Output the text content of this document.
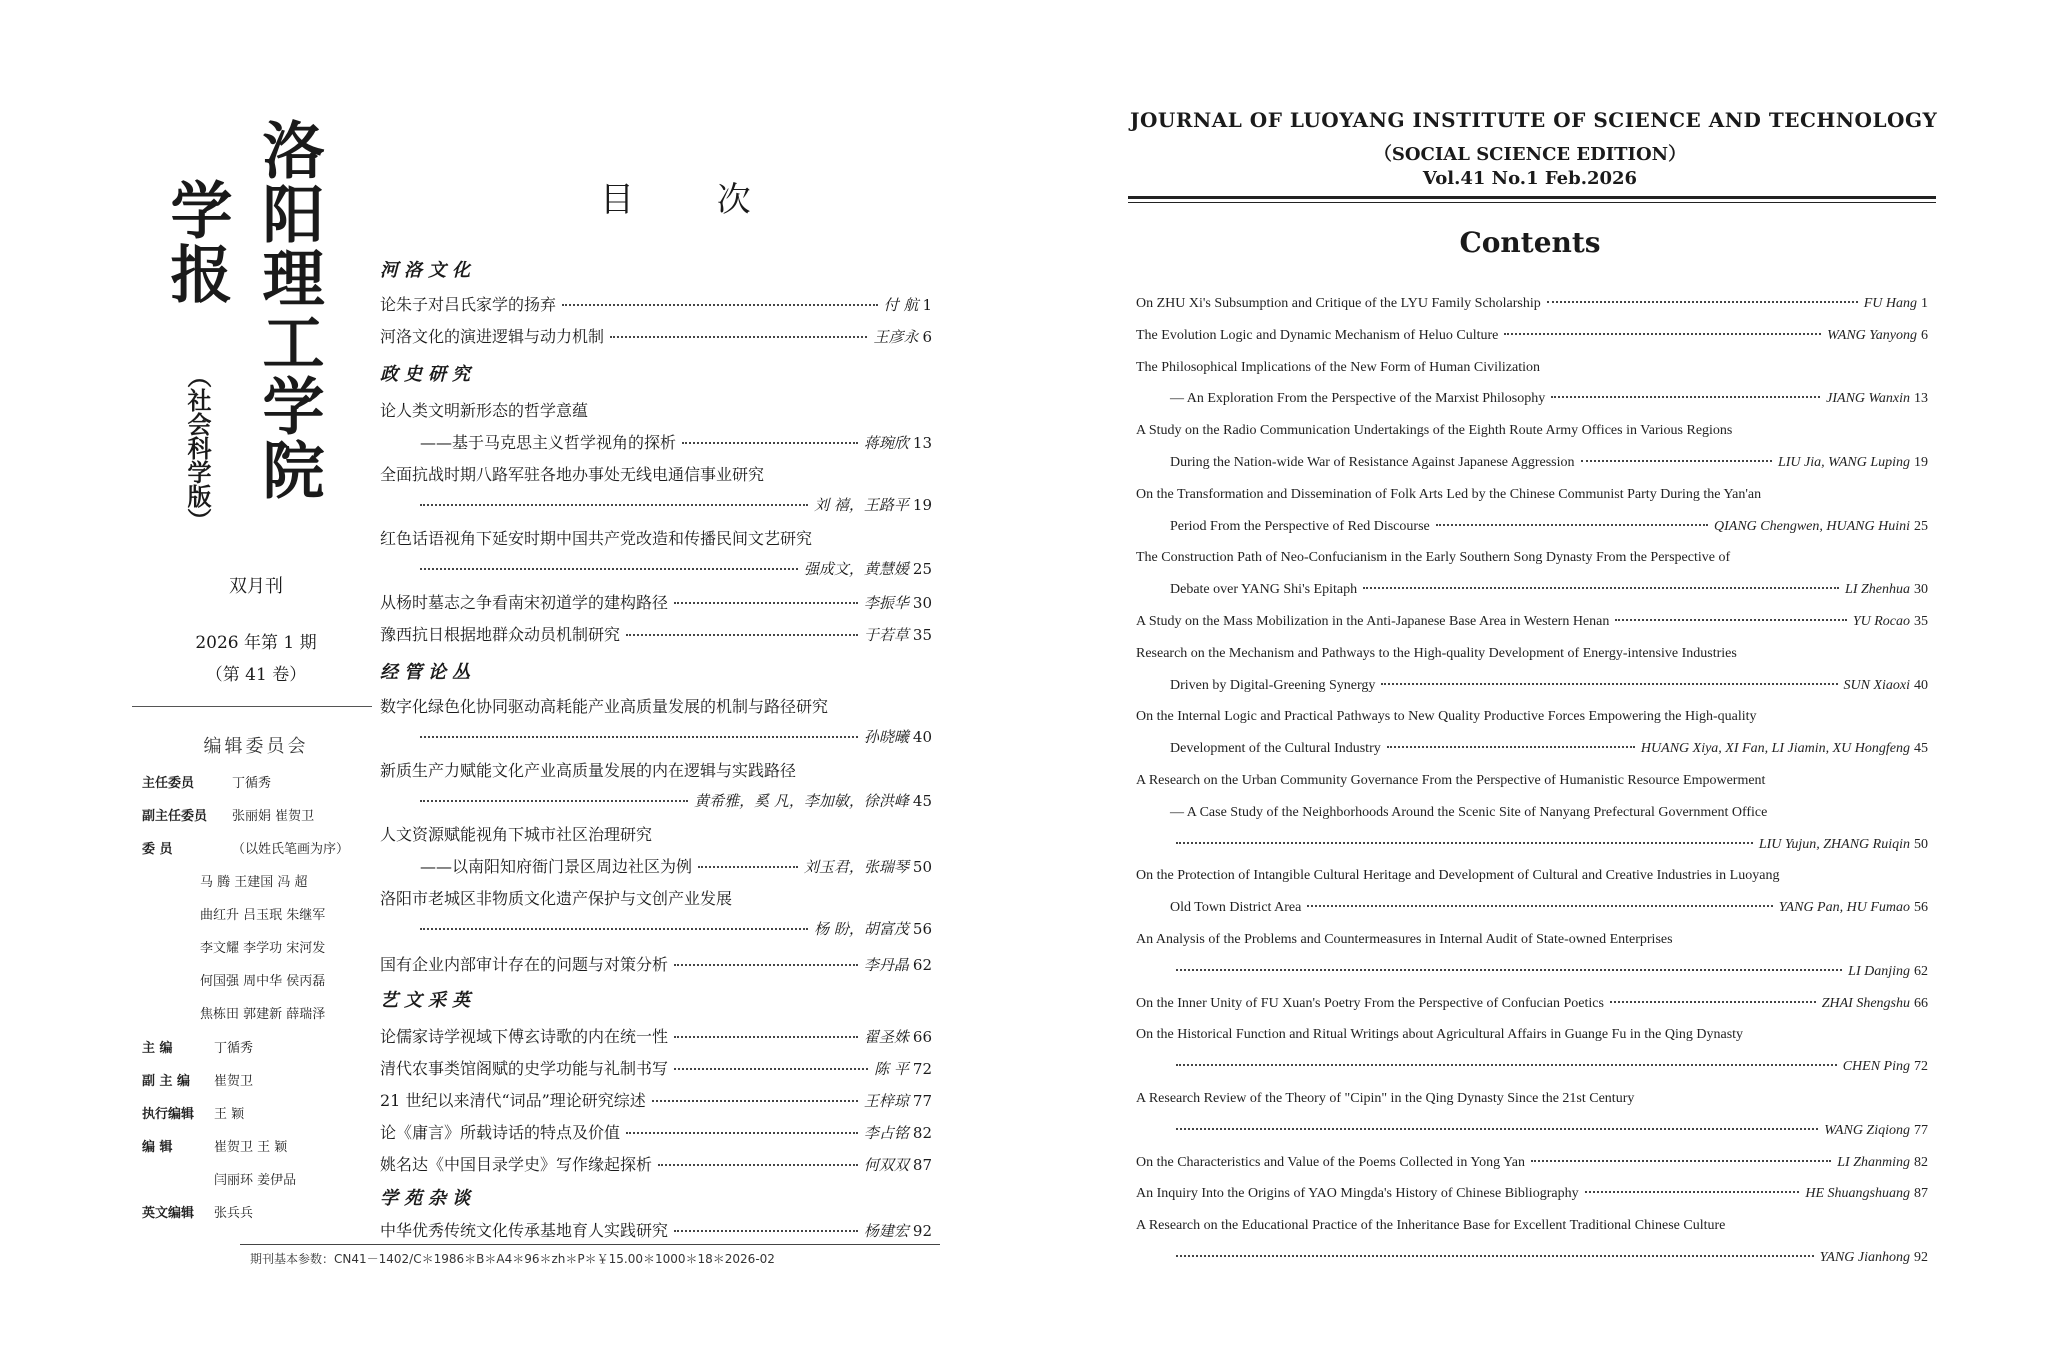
洛阳理工学院
学报
（社会科学版）
双月刊
2026 年第 1 期
（第 41 卷）
编辑委员会
主任委员	丁循秀
副主任委员 张丽娟 崔贺卫
委 员	（以姓氏笔画为序）
马 腾 王建国 冯 超
曲红升 吕玉珉 朱继军
李文耀 李学功 宋河发
何国强 周中华 侯丙磊
焦栋田 郭建新 薛瑞泽
主 编	丁循秀
副 主 编 崔贺卫
执行编辑 王 颖
编 辑	崔贺卫 王 颖
闫丽环 姜伊品
英文编辑 张兵兵
目 次
河洛文化
论朱子对吕氏家学的扬弃	付 航 1
河洛文化的演进逻辑与动力机制	王彦永 6
政史研究
论人类文明新形态的哲学意蕴
——基于马克思主义哲学视角的探析	蒋琬欣 13
全面抗战时期八路军驻各地办事处无线电通信事业研究
刘 禧，王路平 19
红色话语视角下延安时期中国共产党改造和传播民间文艺研究
强成文，黄慧媛 25
从杨时墓志之争看南宋初道学的建构路径	李振华 30
豫西抗日根据地群众动员机制研究	于若草 35
经管论丛
数字化绿色化协同驱动高耗能产业高质量发展的机制与路径研究
孙晓曦 40
新质生产力赋能文化产业高质量发展的内在逻辑与实践路径
黄希雅，奚 凡，李加敏，徐洪峰 45
人文资源赋能视角下城市社区治理研究
——以南阳知府衙门景区周边社区为例	刘玉君，张瑞琴 50
洛阳市老城区非物质文化遗产保护与文创产业发展
杨 盼，胡富茂 56
国有企业内部审计存在的问题与对策分析	李丹晶 62
艺文采英
论儒家诗学视域下傅玄诗歌的内在统一性	翟圣姝 66
清代农事类馆阁赋的史学功能与礼制书写	陈 平 72
21 世纪以来清代“词品”理论研究综述	王梓琼 77
论《庸言》所载诗话的特点及价值	李占铭 82
姚名达《中国目录学史》写作缘起探析	何双双 87
学苑杂谈
中华优秀传统文化传承基地育人实践研究	杨建宏 92
期刊基本参数：CN41－1402/C＊1986＊B＊A4＊96＊zh＊P＊￥15.00＊1000＊18＊2026-02
JOURNAL OF LUOYANG INSTITUTE OF SCIENCE AND TECHNOLOGY
（SOCIAL SCIENCE EDITION）
Vol.41 No.1 Feb.2026
Contents
On ZHU Xi's Subsumption and Critique of the LYU Family Scholarship	FU Hang 1
The Evolution Logic and Dynamic Mechanism of Heluo Culture	WANG Yanyong 6
The Philosophical Implications of the New Form of Human Civilization
— An Exploration From the Perspective of the Marxist Philosophy	JIANG Wanxin 13
A Study on the Radio Communication Undertakings of the Eighth Route Army Offices in Various Regions
During the Nation-wide War of Resistance Against Japanese Aggression	LIU Jia, WANG Luping 19
On the Transformation and Dissemination of Folk Arts Led by the Chinese Communist Party During the Yan'an
Period From the Perspective of Red Discourse	QIANG Chengwen, HUANG Huini 25
The Construction Path of Neo-Confucianism in the Early Southern Song Dynasty From the Perspective of
Debate over YANG Shi's Epitaph	LI Zhenhua 30
A Study on the Mass Mobilization in the Anti-Japanese Base Area in Western Henan	YU Rocao 35
Research on the Mechanism and Pathways to the High-quality Development of Energy-intensive Industries
Driven by Digital-Greening Synergy	SUN Xiaoxi 40
On the Internal Logic and Practical Pathways to New Quality Productive Forces Empowering the High-quality
Development of the Cultural Industry	HUANG Xiya, XI Fan, LI Jiamin, XU Hongfeng 45
A Research on the Urban Community Governance From the Perspective of Humanistic Resource Empowerment
— A Case Study of the Neighborhoods Around the Scenic Site of Nanyang Prefectural Government Office
LIU Yujun, ZHANG Ruiqin 50
On the Protection of Intangible Cultural Heritage and Development of Cultural and Creative Industries in Luoyang
Old Town District Area	YANG Pan, HU Fumao 56
An Analysis of the Problems and Countermeasures in Internal Audit of State-owned Enterprises
LI Danjing 62
On the Inner Unity of FU Xuan's Poetry From the Perspective of Confucian Poetics	ZHAI Shengshu 66
On the Historical Function and Ritual Writings about Agricultural Affairs in Guange Fu in the Qing Dynasty
CHEN Ping 72
A Research Review of the Theory of "Cipin" in the Qing Dynasty Since the 21st Century
WANG Ziqiong 77
On the Characteristics and Value of the Poems Collected in Yong Yan	LI Zhanming 82
An Inquiry Into the Origins of YAO Mingda's History of Chinese Bibliography	HE Shuangshuang 87
A Research on the Educational Practice of the Inheritance Base for Excellent Traditional Chinese Culture
YANG Jianhong 92
